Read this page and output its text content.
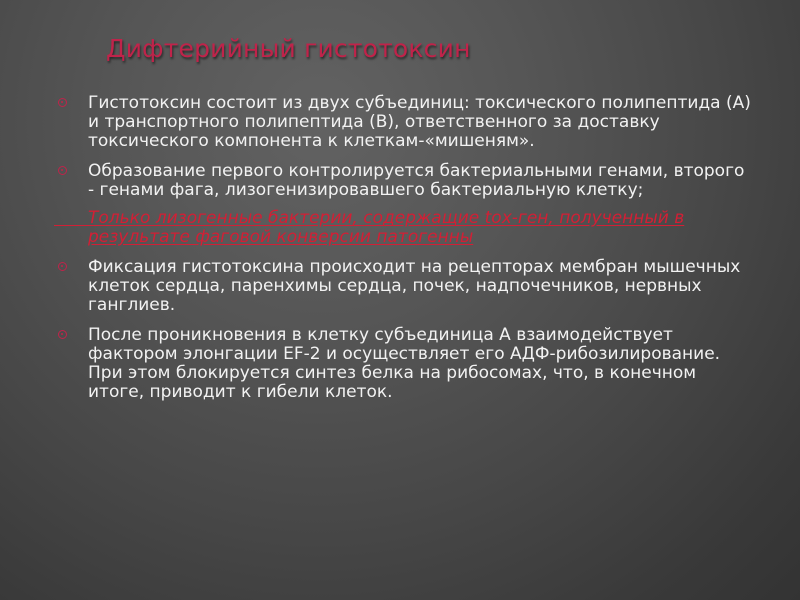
Дифтерийный гистотоксин
Гистотоксин состоит из двух субъединиц: токсического полипептида (А) и транспортного полипептида (В), ответственного за доставку токсического компонента к клеткам-«мишеням».
Образование первого контролируется бактериальными генами, второго - генами фага, лизогенизировавшего бактериальную клетку;
Только лизогенные бактерии, содержащие tox-ген, полученный в результате фаговой конверсии патогенны
Фиксация гистотоксина происходит на рецепторах мембран мышечных клеток сердца, паренхимы сердца, почек, надпочечников, нервных ганглиев.
После проникновения в клетку субъединица А взаимодействует фактором элонгации EF-2 и осуществляет его АДФ-рибозилирование. При этом блокируется синтез белка на рибосомах, что, в конечном итоге, приводит к гибели клеток.
